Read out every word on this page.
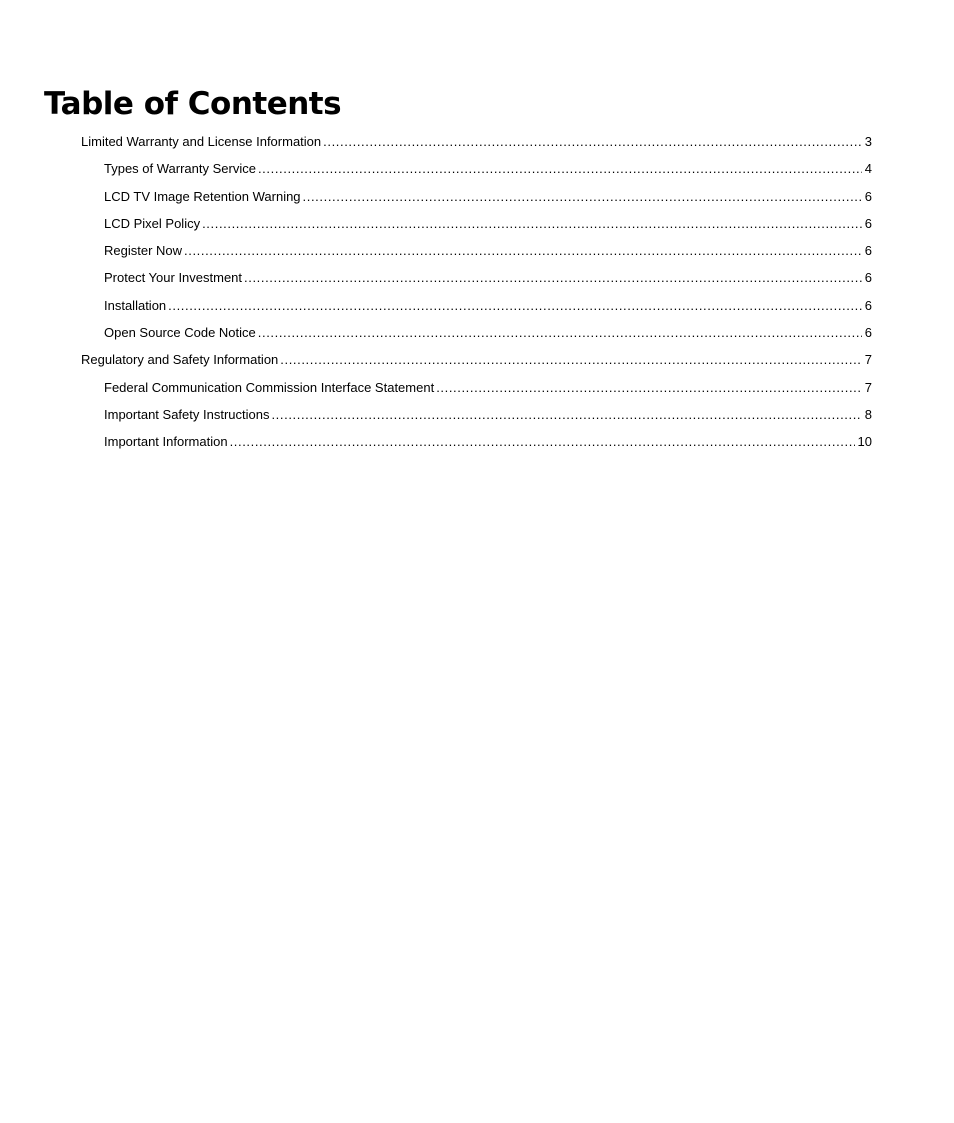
Table of Contents
Limited Warranty and License Information .....	3
Types of Warranty Service .....	4
LCD TV Image Retention Warning .....	6
LCD Pixel Policy .....	6
Register Now .....	6
Protect Your Investment .....	6
Installation .....	6
Open Source Code Notice .....	6
Regulatory and Safety Information .....	7
Federal Communication Commission Interface Statement .....	7
Important Safety Instructions .....	8
Important Information .....	10
